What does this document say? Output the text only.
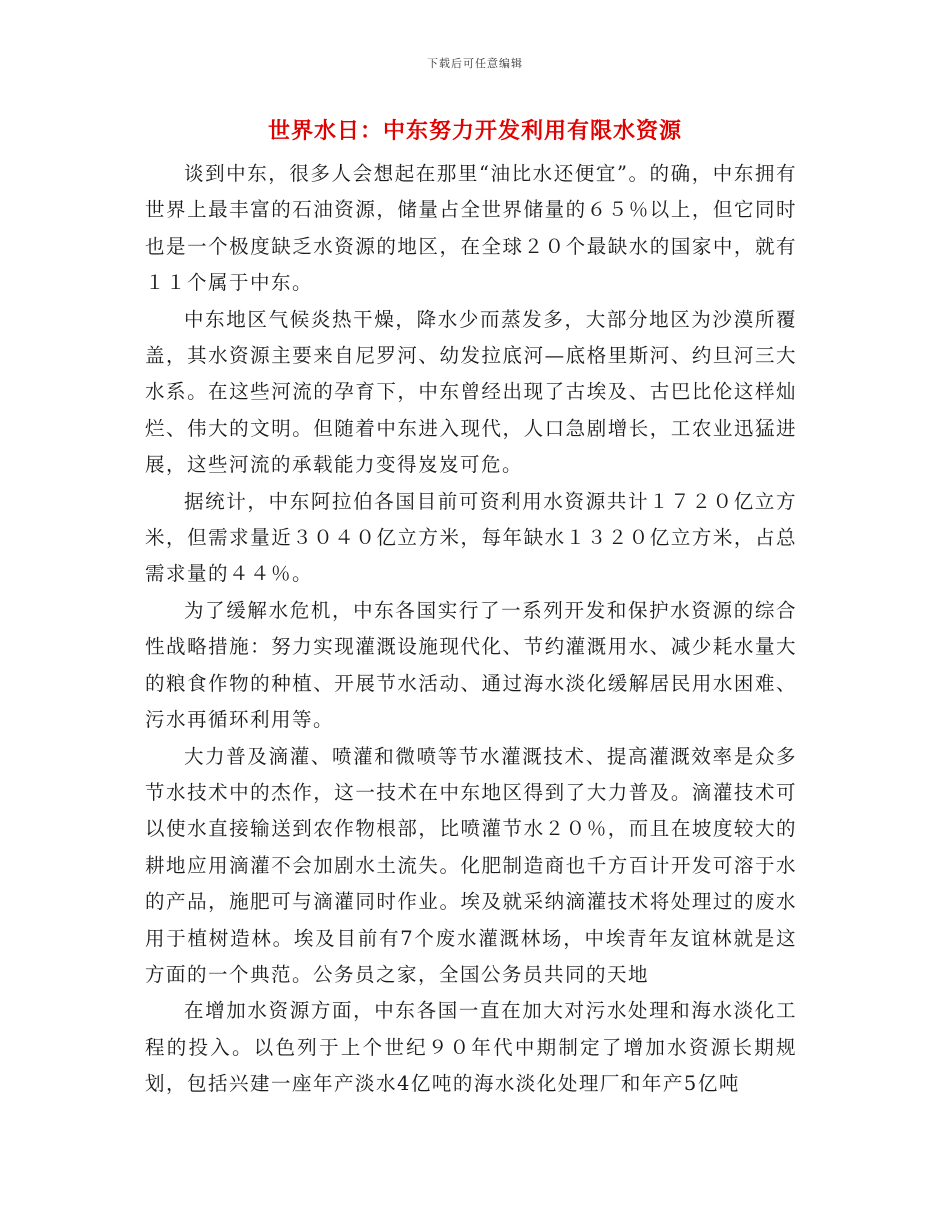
下载后可任意编辑
世界水日：中东努力开发利用有限水资源

谈到中东，很多人会想起在那里“油比水还便宜”。的确，中东拥有世界上最丰富的石油资源，储量占全世界储量的６５％以上，但它同时也是一个极度缺乏水资源的地区，在全球２０个最缺水的国家中，就有１１个属于中东。

中东地区气候炎热干燥，降水少而蒸发多，大部分地区为沙漠所覆盖，其水资源主要来自尼罗河、幼发拉底河—底格里斯河、约旦河三大水系。在这些河流的孕育下，中东曾经出现了古埃及、古巴比伦这样灿烂、伟大的文明。但随着中东进入现代，人口急剧增长，工农业迅猛进展，这些河流的承载能力变得岌岌可危。

据统计，中东阿拉伯各国目前可资利用水资源共计１７２０亿立方米，但需求量近３０４０亿立方米，每年缺水１３２０亿立方米，占总需求量的４４％。

为了缓解水危机，中东各国实行了一系列开发和保护水资源的综合性战略措施：努力实现灌溉设施现代化、节约灌溉用水、减少耗水量大的粮食作物的种植、开展节水活动、通过海水淡化缓解居民用水困难、污水再循环利用等。

大力普及滴灌、喷灌和微喷等节水灌溉技术、提高灌溉效率是众多节水技术中的杰作，这一技术在中东地区得到了大力普及。滴灌技术可以使水直接输送到农作物根部，比喷灌节水２０％，而且在坡度较大的耕地应用滴灌不会加剧水土流失。化肥制造商也千方百计开发可溶于水的产品，施肥可与滴灌同时作业。埃及就采纳滴灌技术将处理过的废水用于植树造林。埃及目前有7个废水灌溉林场，中埃青年友谊林就是这方面的一个典范。公务员之家，全国公务员共同的天地

在增加水资源方面，中东各国一直在加大对污水处理和海水淡化工程的投入。以色列于上个世纪９０年代中期制定了增加水资源长期规划，包括兴建一座年产淡水4亿吨的海水淡化处理厂和年产5亿吨
